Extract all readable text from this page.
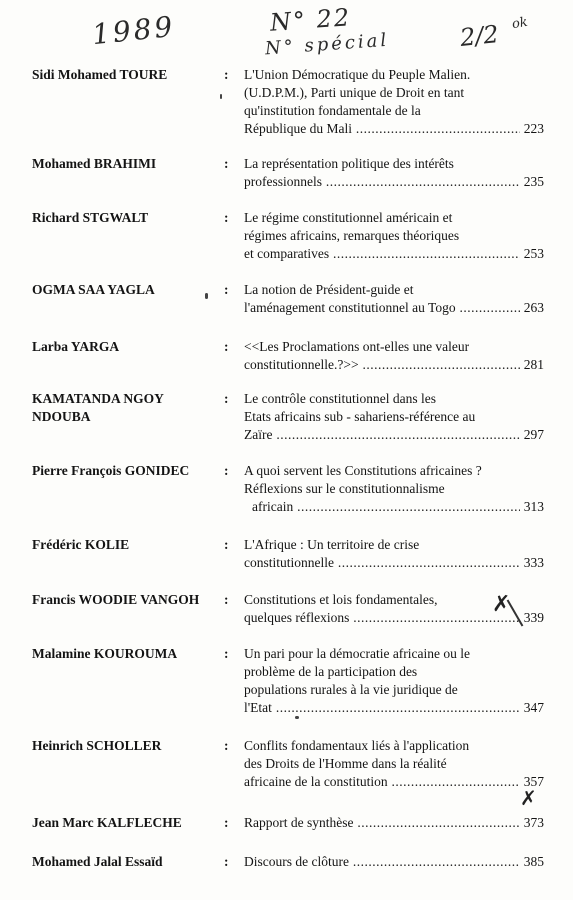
1989	N° 22
N° spécial	2/2 ok
Sidi Mohamed TOURE	: L'Union Démocratique du Peuple Malien.
(U.D.P.M.), Parti unique de Droit en tant
qu'institution fondamentale de la
République du Mali .....	223
Mohamed BRAHIMI	: La représentation politique des intérêts
professionnels .....	235
Richard STGWALT	: Le régime constitutionnel américain et
régimes africains, remarques théoriques
et comparatives .....	253
OGMA SAA YAGLA	: La notion de Président-guide et
l'aménagement constitutionnel au Togo .....	263
Larba YARGA	: <<Les Proclamations ont-elles une valeur
constitutionnelle.?>> .....	281
KAMATANDA NGOY
NDOUBA
: Le contrôle constitutionnel dans les
Etats africains sub - sahariens-référence au
Zaïre .....	297
Pierre François GONIDEC	: A quoi servent les Constitutions africaines ?
Réflexions sur le constitutionnalisme
africain .....	313
Frédéric KOLIE	: L'Afrique : Un territoire de crise
constitutionnelle .....	333
Francis WOODIE VANGOH	: Constitutions et lois fondamentales,
quelques réflexions .....	339
Malamine KOUROUMA	: Un pari pour la démocratie africaine ou le
problème de la participation des
populations rurales à la vie juridique de
l'Etat .....	347
Heinrich SCHOLLER	: Conflits fondamentaux liés à l'application
des Droits de l'Homme dans la réalité
africaine de la constitution .....	357
Jean Marc KALFLECHE	: Rapport de synthèse .....	373
Mohamed Jalal Essaïd	: Discours de clôture .....	385
✗
✗
